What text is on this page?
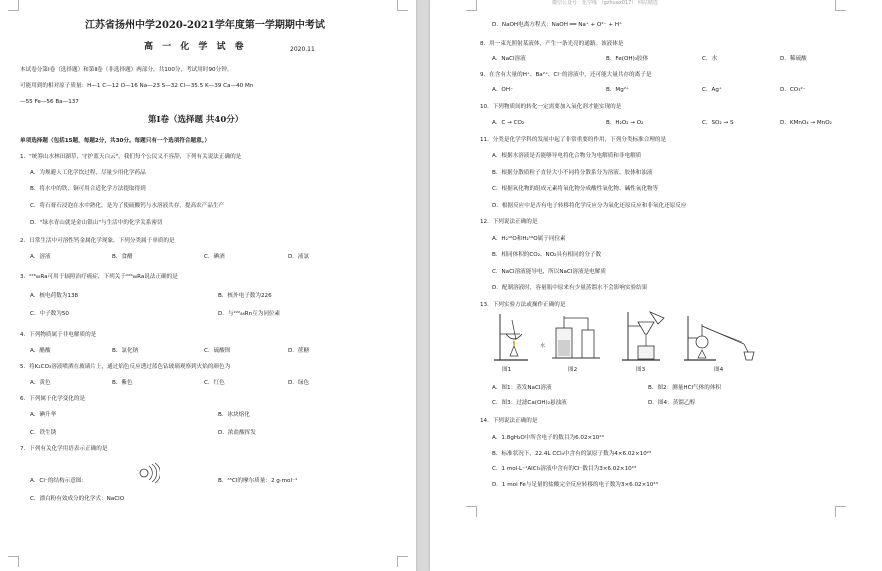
江苏省扬州中学2020-2021学年度第一学期期中考试
高 一 化 学 试 卷	2020.11
本试卷分第Ⅰ卷（选择题）和第Ⅱ卷（非选择题）两部分，共100分，考试用时90分钟。
可能用到的相对原子质量：H—1 C—12 O—16 Na—23 S—32 Cl—35.5 K—39 Ca—40 Mn
—55 Fe—56 Ba—137
第Ⅰ卷（选择题 共40分）
单项选择题（包括15题，每题2分，共30分。每题只有一个选项符合题意。）
1．"统筹山水林田湖草，守护蓝天白云"，我们每个公民义不容辞，下列有关说法正确的是
A．为规避人工化学饮过程，尽量少用化学药品
B．将水中的铁，铜可用合适化学方法提取得到
C．将石膏石浸泡在水中熟化，是为了使硫酸钙与水溶液共存，提高农产品生产
D．"绿水青山就是金山银山"与生活中的化学关系密切
2．日常生活中可溶性钙金属化学现象，下列分类属于单质的是
A．溶液	B．食醋	C．碘酒	D．液氯
3．²²⁶₈₈Ra可用于辐照治疗癌症，下列关于²²⁶₈₈Ra说法正确的是
A．核电荷数为138	B．核外电子数为226
C．中子数为50	D．与²²²₈₆Rn互为同位素
4．下列物质属于非电解质的是
A．醋酸	B．氯化钠	C．硫酸钡	D．蔗糖
5．将K₂CO₃溶液喷洒在玻璃片上，通过焰色反应透过蓝色钴玻璃观察到火焰的颜色为
A．黄色	B．紫色	C．红色	D．绿色
6．下列属于化学变化的是
A．碘升华	B．冰块熔化
C．铁生锈	D．浓盐酸挥发
7．下列有关化学用语表示正确的是
A．Cl⁻的结构示意图：	B．³⁵Cl的摩尔质量：2 g·mol⁻¹
C．漂白粉有效成分的化学式：NaClO
微信公众号：化学缘 （gzhuax017） 网站精选
D．NaOH电离方程式：NaOH ══ Na⁺ + O²⁻ + H⁺
8．用一束光照射某液体，产生一条光亮的通路。该液体是
A．NaCl溶液	B．Fe(OH)₃胶体	C．水	D．稀硫酸
9．在含有大量的H⁺、Ba²⁺、Cl⁻的溶液中，还可能大量共存的离子是
A．OH⁻	B．Mg²⁺	C．Ag⁺	D．CO₃²⁻
10．下列物质间的转化一定需要加入氧化剂才能实现的是
A．C → CO₂	B．H₂O₂ → O₂	C．SO₂ → S	D．KMnO₄ → MnO₂
11．分类是化学学科的发展中起了非常重要的作用，下列分类标准合理的是
A．根据水溶液是否能够导电将化合物分为电解质和非电解质
B．根据分散质粒子直径大小不同将分散系分为溶液、胶体和浊液
C．根据氧化物的组成元素将氧化物分成酸性氧化物、碱性氧化物等
D．根据反应中是否有电子转移将化学反应分为氧化还原反应和非氧化还原反应
12．下列说法正确的是
A．H₂¹⁶O和H₂¹⁸O属于同位素
B．相同体积的CO₂、NO₂具有相同的分子数
C．NaCl溶液能导电，所以NaCl溶液是电解质
D．配制溶液时，容量瓶中原来有少量蒸馏水不会影响实验结果
13．下列实验方法或操作正确的是
图1
水
图2	图3	图4
A．图1：蒸发NaCl溶液	B．图2：测量HCl气体的体积
C．图3：过滤Ca(OH)₂悬浊液	D．图4：蒸馏乙醇
14．下列说法正确的是
A．1.8gH₂O中所含电子的数目为6.02×10²³
B．标准状况下，22.4L CCl₄中含有的氯原子数为4×6.02×10²³
C．1 mol·L⁻¹AlCl₃溶液中含有的Cl⁻数目为3×6.02×10²³
D．1 mol Fe与足量的盐酸完全反应转移的电子数为3×6.02×10²³
